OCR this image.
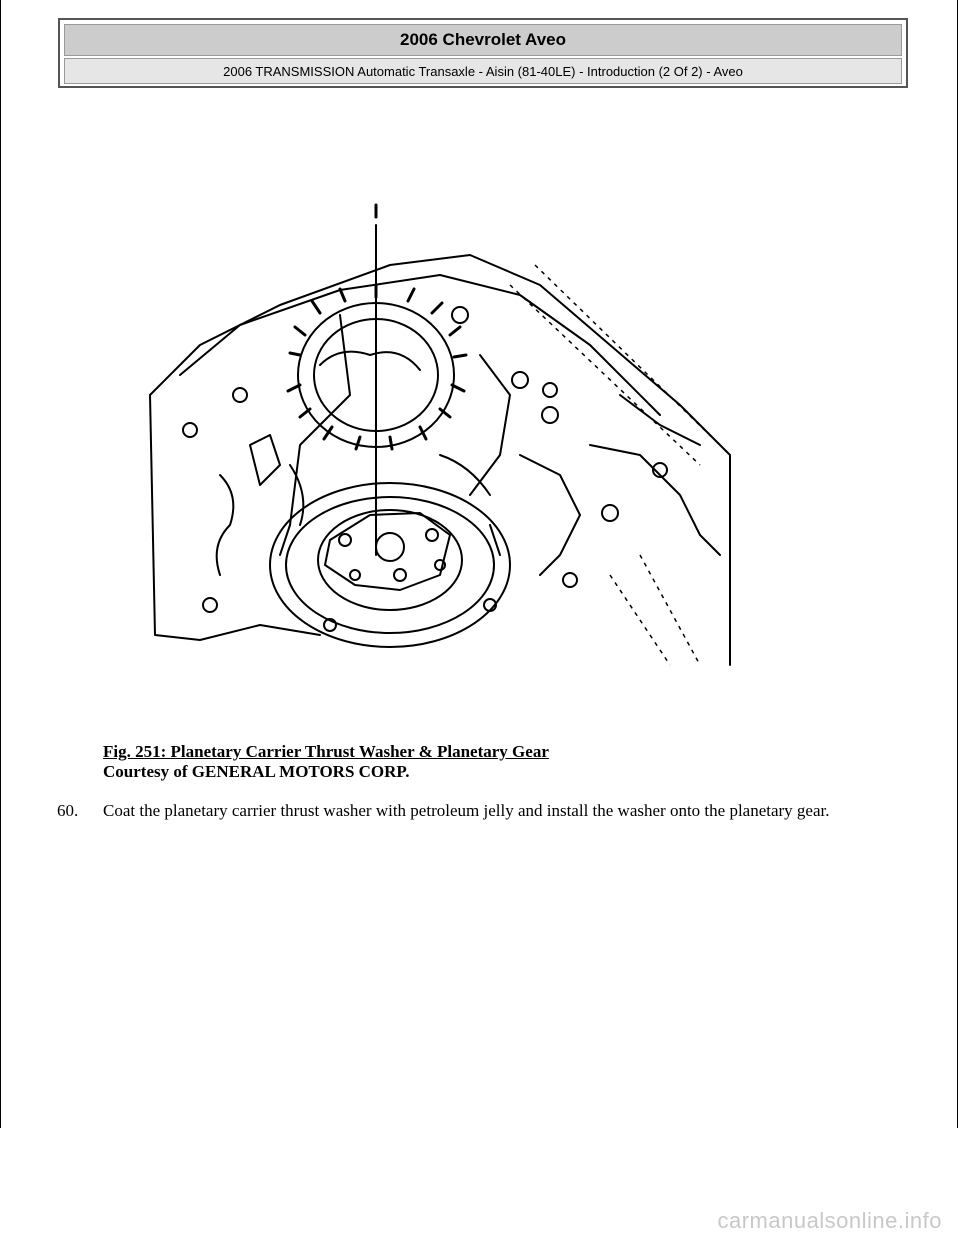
2006 Chevrolet Aveo
2006 TRANSMISSION Automatic Transaxle - Aisin (81-40LE) - Introduction (2 Of 2) - Aveo
I
Fig. 251: Planetary Carrier Thrust Washer & Planetary Gear
Courtesy of GENERAL MOTORS CORP.
60. Coat the planetary carrier thrust washer with petroleum jelly and install the washer onto the planetary gear.
carmanualsonline.info
